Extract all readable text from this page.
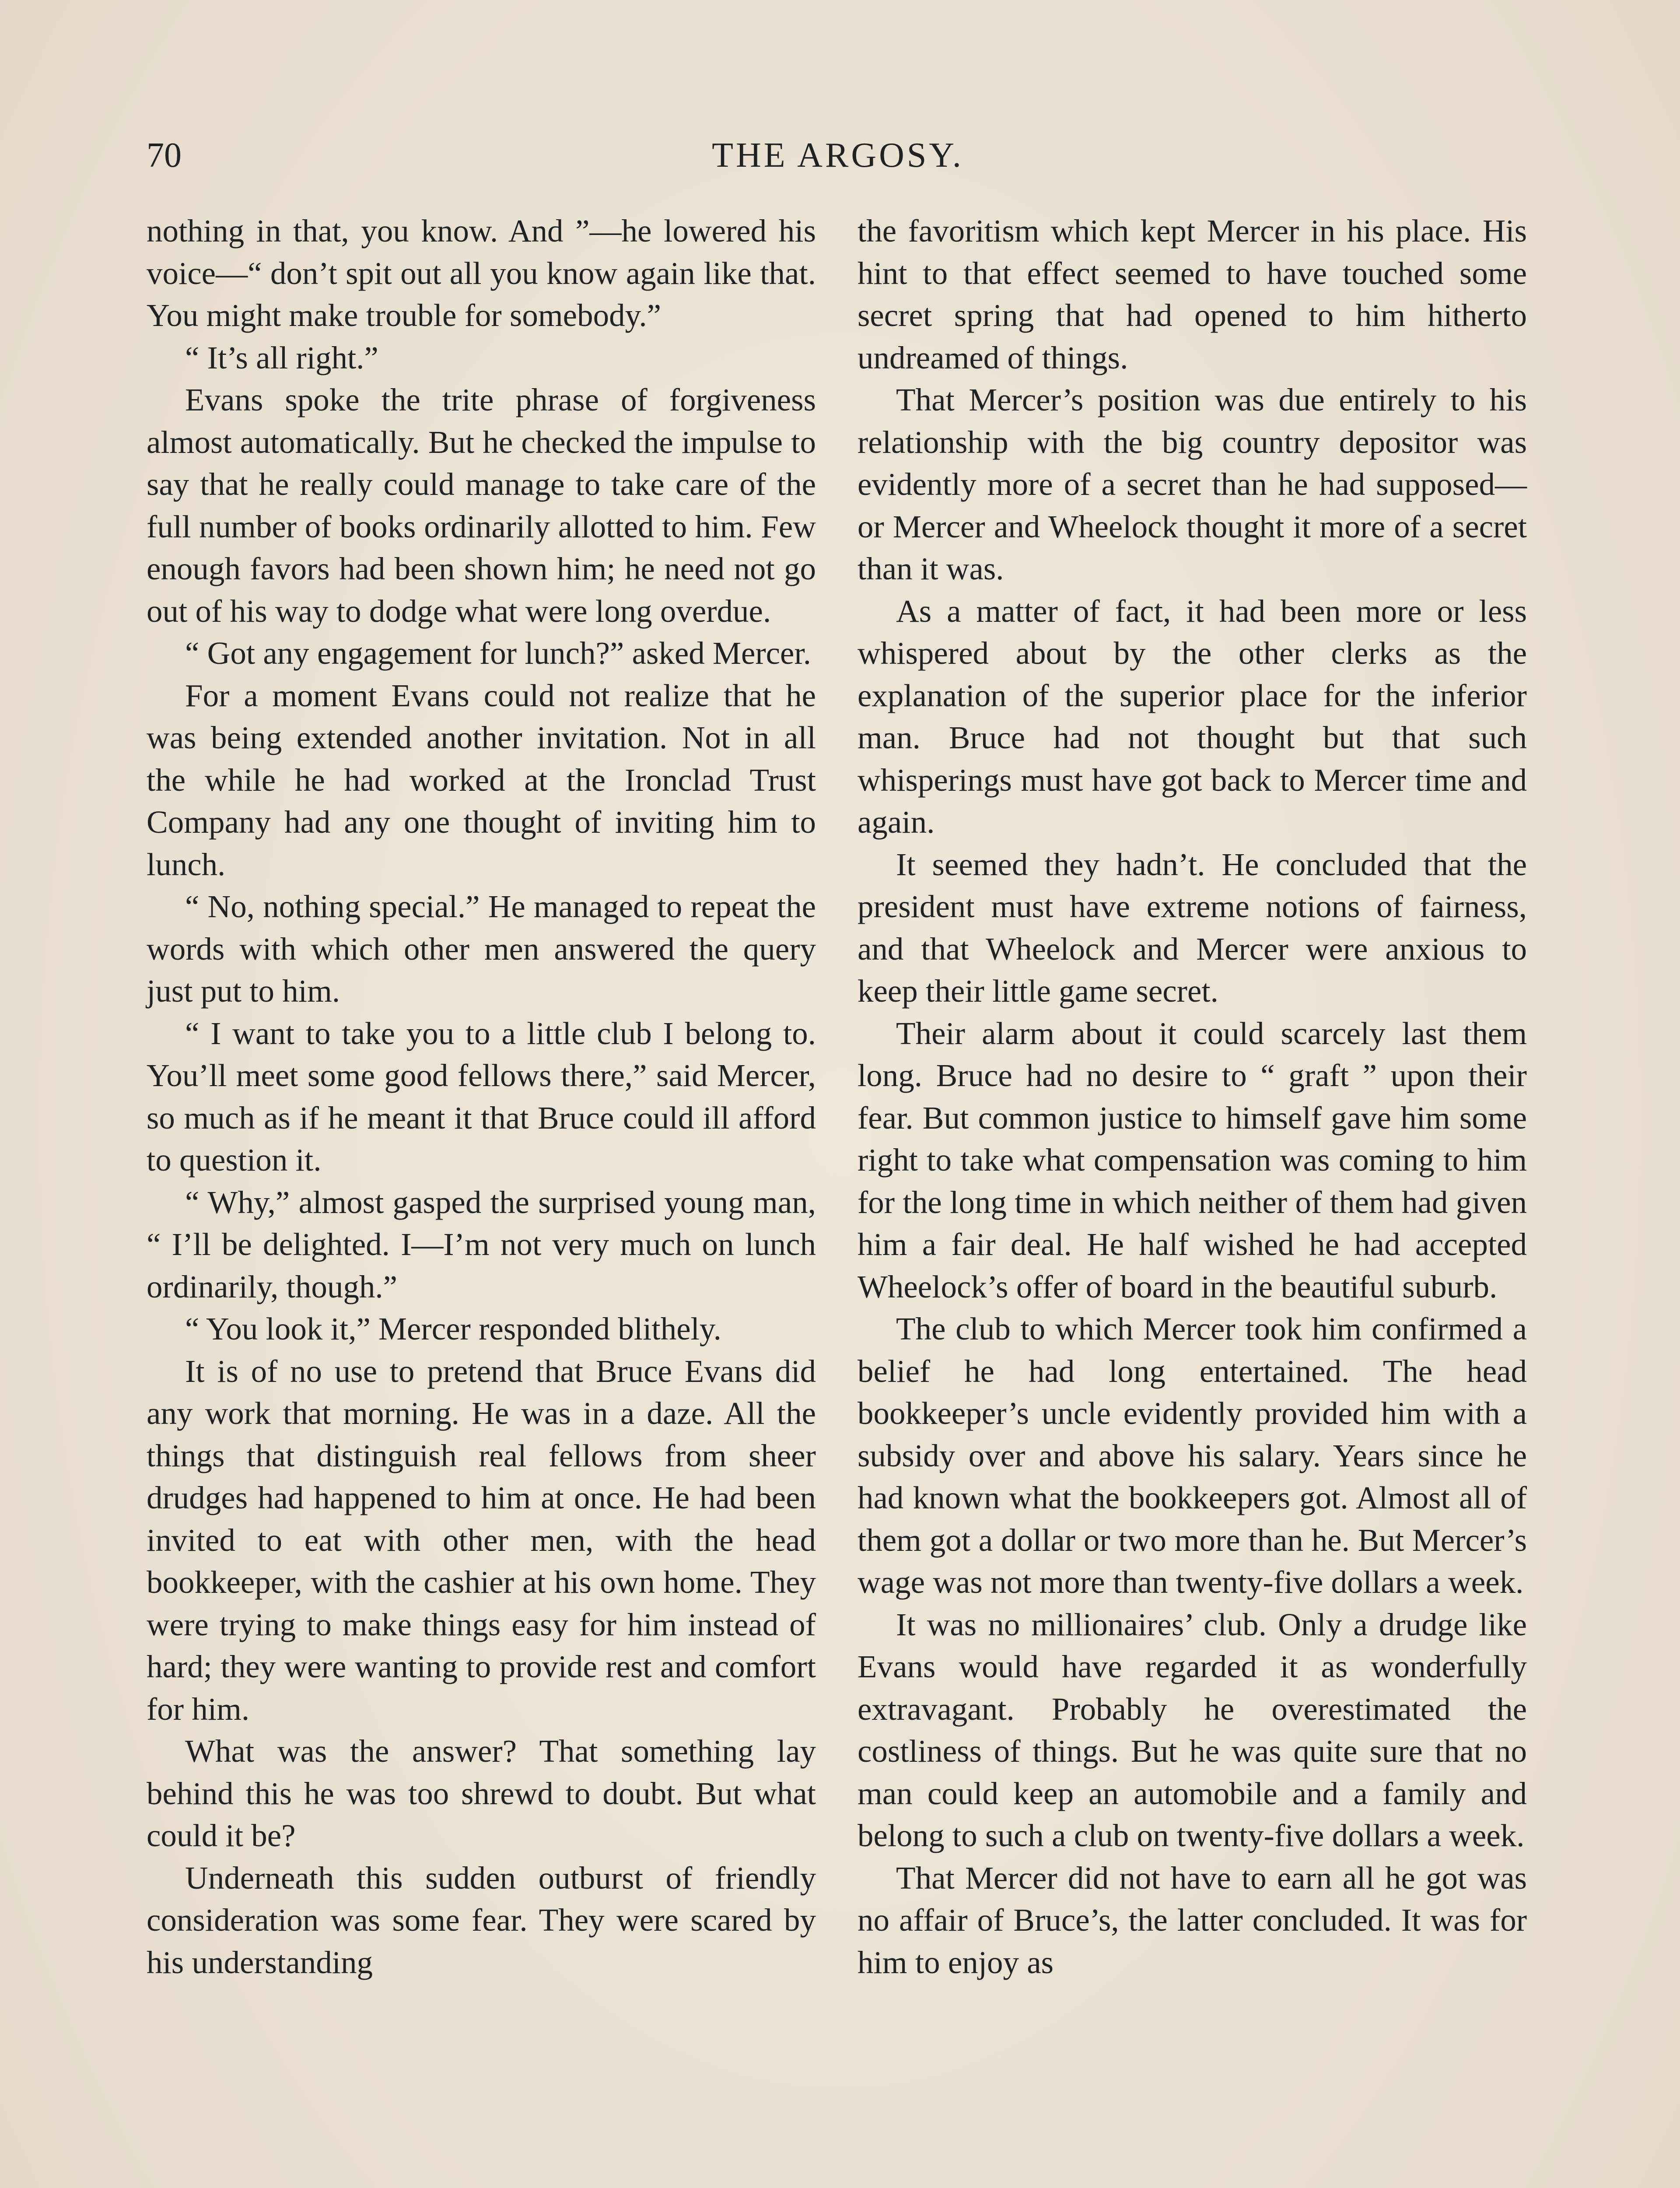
70	THE ARGOSY.

nothing in that, you know. And ”—he lowered his voice—“ don’t spit out all you know again like that. You might make trouble for somebody.”

“ It’s all right.”

Evans spoke the trite phrase of forgiveness almost automatically. But he checked the impulse to say that he really could manage to take care of the full number of books ordinarily allotted to him. Few enough favors had been shown him; he need not go out of his way to dodge what were long overdue.

“ Got any engagement for lunch?” asked Mercer.

For a moment Evans could not realize that he was being extended another invitation. Not in all the while he had worked at the Ironclad Trust Company had any one thought of inviting him to lunch.

“ No, nothing special.” He managed to repeat the words with which other men answered the query just put to him.

“ I want to take you to a little club I belong to. You’ll meet some good fellows there,” said Mercer, so much as if he meant it that Bruce could ill afford to question it.

“ Why,” almost gasped the surprised young man, “ I’ll be delighted. I—I’m not very much on lunch ordinarily, though.”

“ You look it,” Mercer responded blithely.

It is of no use to pretend that Bruce Evans did any work that morning. He was in a daze. All the things that distinguish real fellows from sheer drudges had happened to him at once. He had been invited to eat with other men, with the head bookkeeper, with the cashier at his own home. They were trying to make things easy for him instead of hard; they were wanting to provide rest and comfort for him.

What was the answer? That something lay behind this he was too shrewd to doubt. But what could it be?

Underneath this sudden outburst of friendly consideration was some fear. They were scared by his understanding

the favoritism which kept Mercer in his place. His hint to that effect seemed to have touched some secret spring that had opened to him hitherto undreamed of things.

That Mercer’s position was due entirely to his relationship with the big country depositor was evidently more of a secret than he had supposed—or Mercer and Wheelock thought it more of a secret than it was.

As a matter of fact, it had been more or less whispered about by the other clerks as the explanation of the superior place for the inferior man. Bruce had not thought but that such whisperings must have got back to Mercer time and again.

It seemed they hadn’t. He concluded that the president must have extreme notions of fairness, and that Wheelock and Mercer were anxious to keep their little game secret.

Their alarm about it could scarcely last them long. Bruce had no desire to “ graft ” upon their fear. But common justice to himself gave him some right to take what compensation was coming to him for the long time in which neither of them had given him a fair deal. He half wished he had accepted Wheelock’s offer of board in the beautiful suburb.

The club to which Mercer took him confirmed a belief he had long entertained. The head bookkeeper’s uncle evidently provided him with a subsidy over and above his salary. Years since he had known what the bookkeepers got. Almost all of them got a dollar or two more than he. But Mercer’s wage was not more than twenty-five dollars a week.

It was no millionaires’ club. Only a drudge like Evans would have regarded it as wonderfully extravagant. Probably he overestimated the costliness of things. But he was quite sure that no man could keep an automobile and a family and belong to such a club on twenty-five dollars a week.

That Mercer did not have to earn all he got was no affair of Bruce’s, the latter concluded. It was for him to enjoy as
